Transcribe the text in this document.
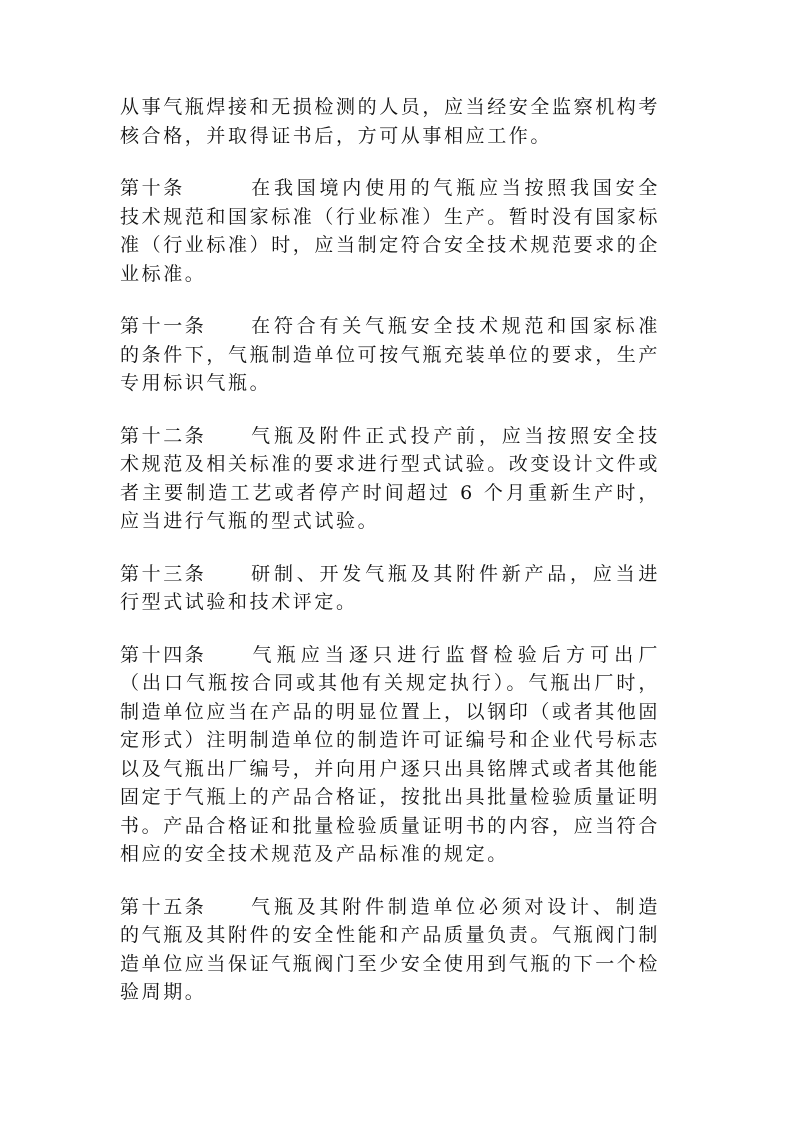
从事气瓶焊接和无损检测的人员，应当经安全监察机构考核合格，并取得证书后，方可从事相应工作。

第十条	在我国境内使用的气瓶应当按照我国安全技术规范和国家标准（行业标准）生产。暂时没有国家标准（行业标准）时，应当制定符合安全技术规范要求的企业标准。

第十一条 在符合有关气瓶安全技术规范和国家标准的条件下，气瓶制造单位可按气瓶充装单位的要求，生产专用标识气瓶。

第十二条 气瓶及附件正式投产前，应当按照安全技术规范及相关标准的要求进行型式试验。改变设计文件或者主要制造工艺或者停产时间超过 6 个月重新生产时，应当进行气瓶的型式试验。

第十三条 研制、开发气瓶及其附件新产品，应当进行型式试验和技术评定。

第十四条 气瓶应当逐只进行监督检验后方可出厂（出口气瓶按合同或其他有关规定执行）。气瓶出厂时，制造单位应当在产品的明显位置上，以钢印（或者其他固定形式）注明制造单位的制造许可证编号和企业代号标志以及气瓶出厂编号，并向用户逐只出具铭牌式或者其他能固定于气瓶上的产品合格证，按批出具批量检验质量证明书。产品合格证和批量检验质量证明书的内容，应当符合相应的安全技术规范及产品标准的规定。

第十五条 气瓶及其附件制造单位必须对设计、制造的气瓶及其附件的安全性能和产品质量负责。气瓶阀门制造单位应当保证气瓶阀门至少安全使用到气瓶的下一个检验周期。
